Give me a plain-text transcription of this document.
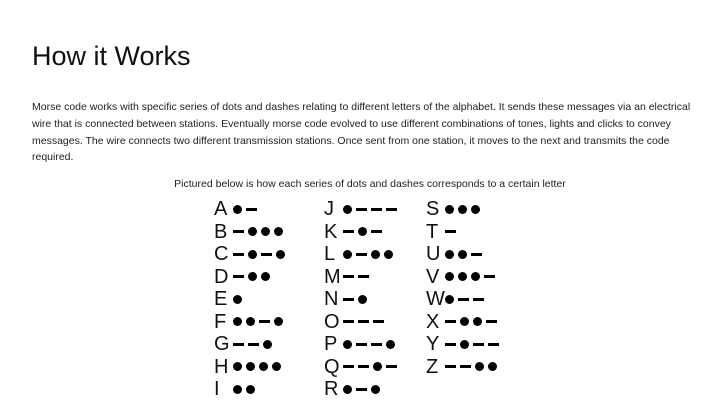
How it Works

Morse code works with specific series of dots and dashes relating to different letters of the alphabet. It sends these messages via an electrical wire that is connected between stations. Eventually morse code evolved to use different combinations of tones, lights and clicks to convey messages. The wire connects two different transmission stations. Once sent from one station, it moves to the next and transmits the code required.

Pictured below is how each series of dots and dashes corresponds to a certain letter
A
B
C
D
E
F
G
H
I
J
K
L
M
N
O
P
Q
R
S
T
U
V
W
X
Y
Z
